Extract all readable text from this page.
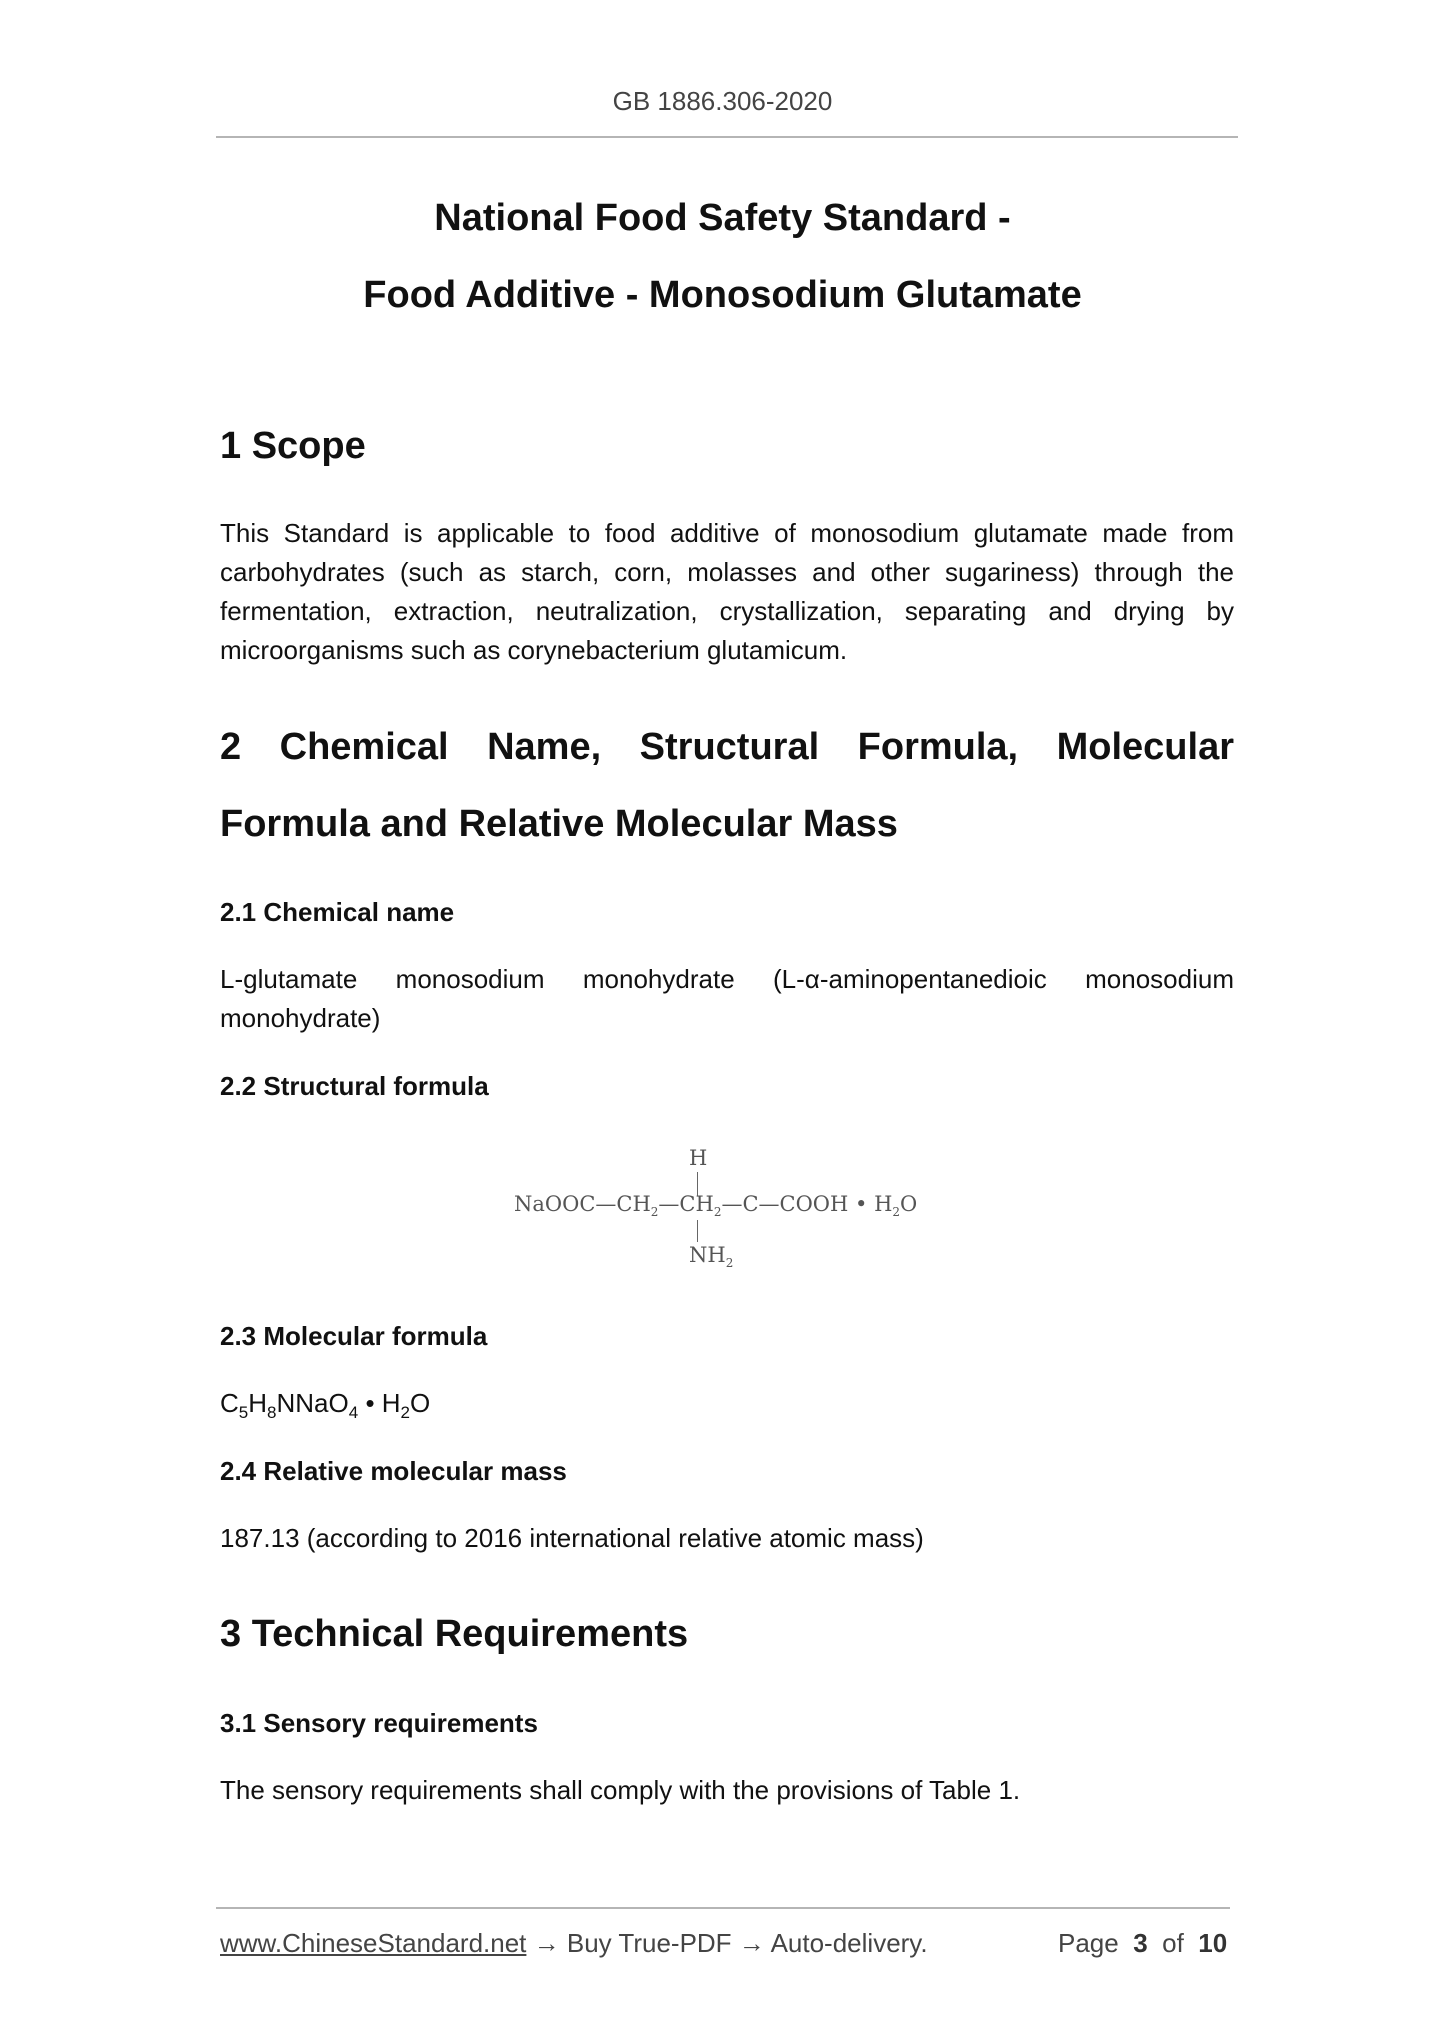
GB 1886.306-2020
National Food Safety Standard -
Food Additive - Monosodium Glutamate
1 Scope
This Standard is applicable to food additive of monosodium glutamate made from carbohydrates (such as starch, corn, molasses and other sugariness) through the fermentation, extraction, neutralization, crystallization, separating and drying by microorganisms such as corynebacterium glutamicum.
2 Chemical Name, Structural Formula, Molecular
Formula and Relative Molecular Mass
2.1 Chemical name
L-glutamate monosodium monohydrate (L-α-aminopentanedioic monosodium
monohydrate)
2.2 Structural formula
H
$NaOOC—CH_2—CH_2—C—COOH$ • $H_2O$
$NH_2$
2.3 Molecular formula
$C_5H_8NNaO_4$ • $H_2O$
2.4 Relative molecular mass
187.13 (according to 2016 international relative atomic mass)
3 Technical Requirements
3.1 Sensory requirements
The sensory requirements shall comply with the provisions of Table 1.
www.ChineseStandard.net → Buy True-PDF → Auto-delivery.	Page 3 of 10
